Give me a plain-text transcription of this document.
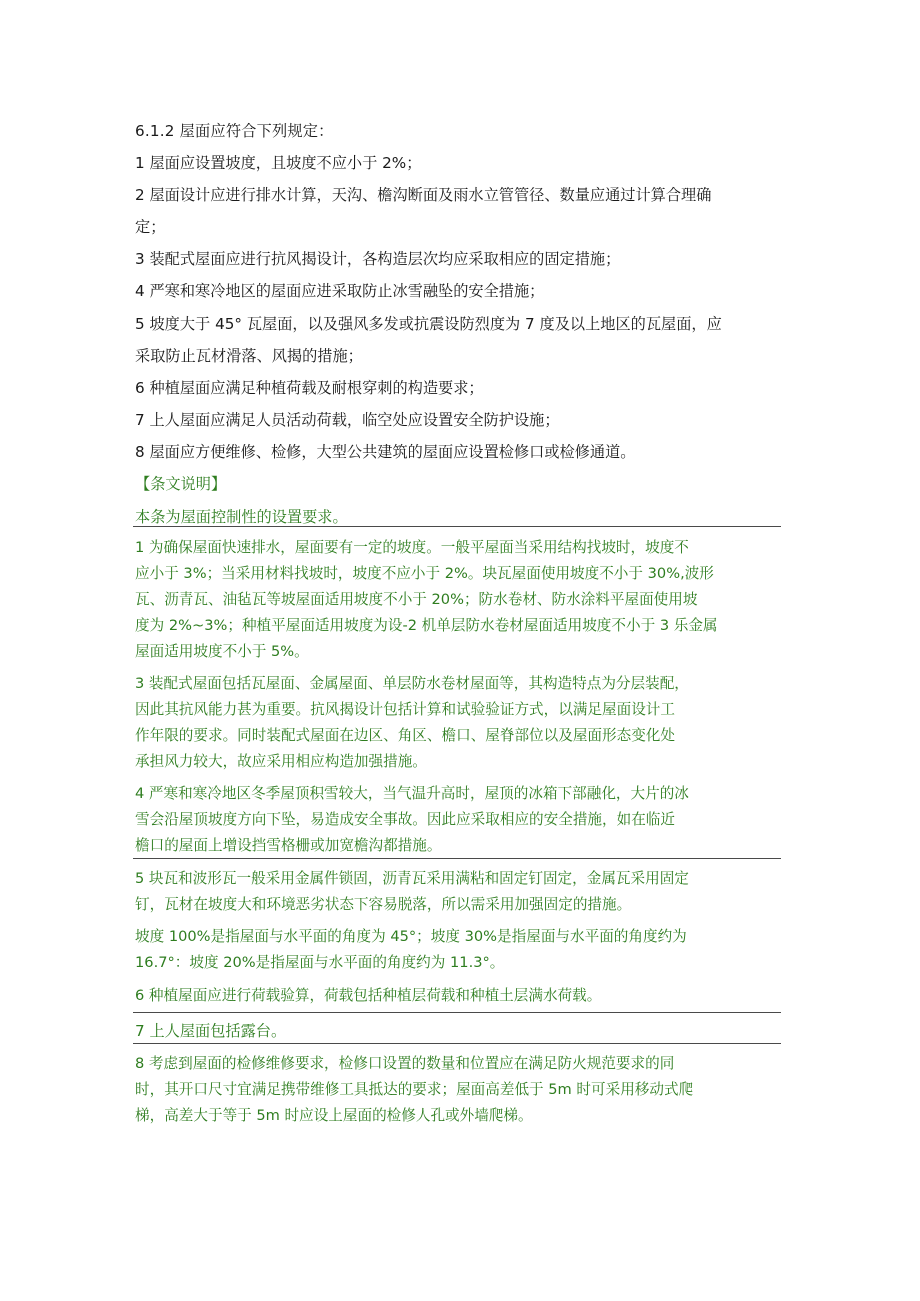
6.1.2 屋面应符合下列规定：
1 屋面应设置坡度，且坡度不应小于 2%；
2 屋面设计应进行排水计算，天沟、檐沟断面及雨水立管管径、数量应通过计算合理确
定；
3 装配式屋面应进行抗风揭设计，各构造层次均应采取相应的固定措施；
4 严寒和寒冷地区的屋面应进采取防止冰雪融坠的安全措施；
5 坡度大于 45° 瓦屋面，以及强风多发或抗震设防烈度为 7 度及以上地区的瓦屋面，应
采取防止瓦材滑落、风揭的措施；
6 种植屋面应满足种植荷载及耐根穿刺的构造要求；
7 上人屋面应满足人员活动荷载，临空处应设置安全防护设施；
8 屋面应方便维修、检修，大型公共建筑的屋面应设置检修口或检修通道。
【条文说明】
本条为屋面控制性的设置要求。
1 为确保屋面快速排水，屋面要有一定的坡度。一般平屋面当采用结构找坡时，坡度不
应小于 3%；当采用材料找坡时，坡度不应小于 2%。块瓦屋面使用坡度不小于 30%,波形
瓦、沥青瓦、油毡瓦等坡屋面适用坡度不小于 20%；防水卷材、防水涂料平屋面使用坡
度为 2%~3%；种植平屋面适用坡度为设-2 机单层防水卷材屋面适用坡度不小于 3 乐金属
屋面适用坡度不小于 5%。
3 装配式屋面包括瓦屋面、金属屋面、单层防水卷材屋面等，其构造特点为分层装配，
因此其抗风能力甚为重要。抗风揭设计包括计算和试验验证方式，以满足屋面设计工
作年限的要求。同时装配式屋面在边区、角区、檐口、屋脊部位以及屋面形态变化处
承担风力较大，故应采用相应构造加强措施。
4 严寒和寒冷地区冬季屋顶积雪较大，当气温升高时，屋顶的冰箱下部融化，大片的冰
雪会沿屋顶坡度方向下坠，易造成安全事故。因此应采取相应的安全措施，如在临近
檐口的屋面上增设挡雪格栅或加宽檐沟都措施。
5 块瓦和波形瓦一般采用金属件锁固，沥青瓦采用满粘和固定钉固定，金属瓦采用固定
钉，瓦材在坡度大和环境恶劣状态下容易脱落，所以需采用加强固定的措施。
坡度 100%是指屋面与水平面的角度为 45°；坡度 30%是指屋面与水平面的角度约为
16.7°：坡度 20%是指屋面与水平面的角度约为 11.3°。
6 种植屋面应进行荷载验算，荷载包括种植层荷载和种植土层满水荷载。
7 上人屋面包括露台。
8 考虑到屋面的检修维修要求，检修口设置的数量和位置应在满足防火规范要求的同
时，其开口尺寸宜满足携带维修工具抵达的要求；屋面高差低于 5m 时可采用移动式爬
梯，高差大于等于 5m 时应设上屋面的检修人孔或外墙爬梯。
